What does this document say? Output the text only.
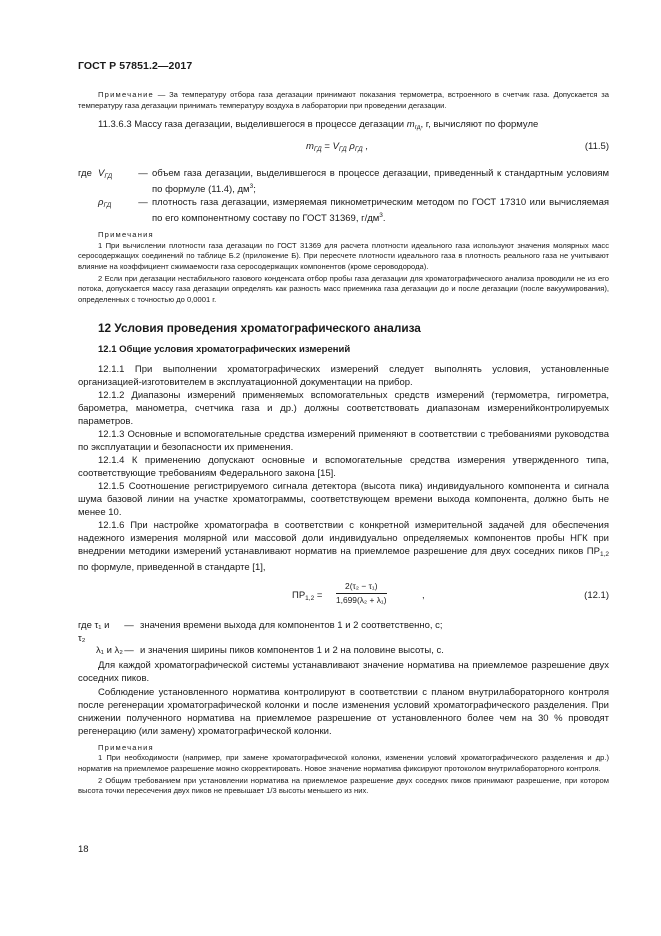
ГОСТ Р 57851.2—2017

Примечание — За температуру отбора газа дегазации принимают показания термометра, встроенного в счетчик газа. Допускается за температуру газа дегазации принимать температуру воздуха в лаборатории при проведении дегазации.

11.3.6.3 Массу газа дегазации, выделившегося в процессе дегазации $m_{гд}$, г, вычисляют по формуле

$m_{ГД} = V_{ГД}$ $\rho_{ГД}$ ,	(11.5)
где $V_{ГД}$	— объем газа дегазации, выделившегося в процессе дегазации, приведенный к стандартным условиям по формуле (11.4), $дм^3$;
$\rho_{ГД}$	— плотность газа дегазации, измеряемая пикнометрическим методом по ГОСТ 17310 или вычисляемая по его компонентному составу по ГОСТ 31369, $г/дм^3$.

Примечания

1 При вычислении плотности газа дегазации по ГОСТ 31369 для расчета плотности идеального газа используют значения молярных масс серосодержащих соединений по таблице Б.2 (приложение Б). При пересчете плотности идеального газа в плотность реального газа не учитывают влияние на коэффициент сжимаемости газа серосодержащих компонентов (кроме сероводорода).

2 Если при дегазации нестабильного газового конденсата отбор пробы газа дегазации для хроматографического анализа проводили не из его потока, допускается массу газа дегазации определять как разность масс приемника газа дегазации до и после дегазации (после вакуумирования), определенных с точностью до 0,0001 г.

12 Условия проведения хроматографического анализа
12.1 Общие условия хроматографических измерений

12.1.1 При выполнении хроматографических измерений следует выполнять условия, установленные организацией-изготовителем в эксплуатационной документации на прибор.

12.1.2 Диапазоны измерений применяемых вспомогательных средств измерений (термометра, гигрометра, барометра, манометра, счетчика газа и др.) должны соответствовать диапазонам измеренийконтролируемых параметров.

12.1.3 Основные и вспомогательные средства измерений применяют в соответствии с требованиями руководства по эксплуатации и безопасности их применения.

12.1.4 К применению допускают основные и вспомогательные средства измерения утвержденного типа, соответствующие требованиям Федерального закона [15].

12.1.5 Соотношение регистрируемого сигнала детектора (высота пика) индивидуального компонента и сигнала шума базовой линии на участке хроматограммы, соответствующем времени выхода компонента, должно быть не менее 10.

12.1.6 При настройке хроматографа в соответствии с конкретной измерительной задачей для обеспечения надежного измерения молярной или массовой доли индивидуально определяемых компонентов пробы НГК при внедрении методики измерений устанавливают норматив на приемлемое разрешение для двух соседних пиков $ПР_{1,2}$ по формуле, приведенной в стандарте [1],

$ПР_{1,2} = \frac{\text{2(τ₂ − τ₁)}}{\text{1,699(λ₂ + λ₁)}}$	,	(12.1)
где τ₁ и τ₂
— значения времени выхода для компонентов 1 и 2 соответственно, с;
λ₁ и λ₂ — и значения ширины пиков компонентов 1 и 2 на половине высоты, с.

Для каждой хроматографической системы устанавливают значение норматива на приемлемое разрешение двух соседних пиков.

Соблюдение установленного норматива контролируют в соответствии с планом внутрилабораторного контроля после регенерации хроматографической колонки и после изменения условий хроматографического разделения. При снижении полученного норматива на приемлемое разрешение от установленного более чем на 30 % проводят регенерацию (или замену) хроматографической колонки.

Примечания

1 При необходимости (например, при замене хроматографической колонки, изменении условий хроматографического разделения и др.) норматив на приемлемое разрешение можно скорректировать. Новое значение норматива фиксируют протоколом внутрилабораторного контроля.

2 Общим требованием при установлении норматива на приемлемое разрешение двух соседних пиков принимают разрешение, при котором высота точки пересечения двух пиков не превышает 1/3 высоты меньшего из них.

18
